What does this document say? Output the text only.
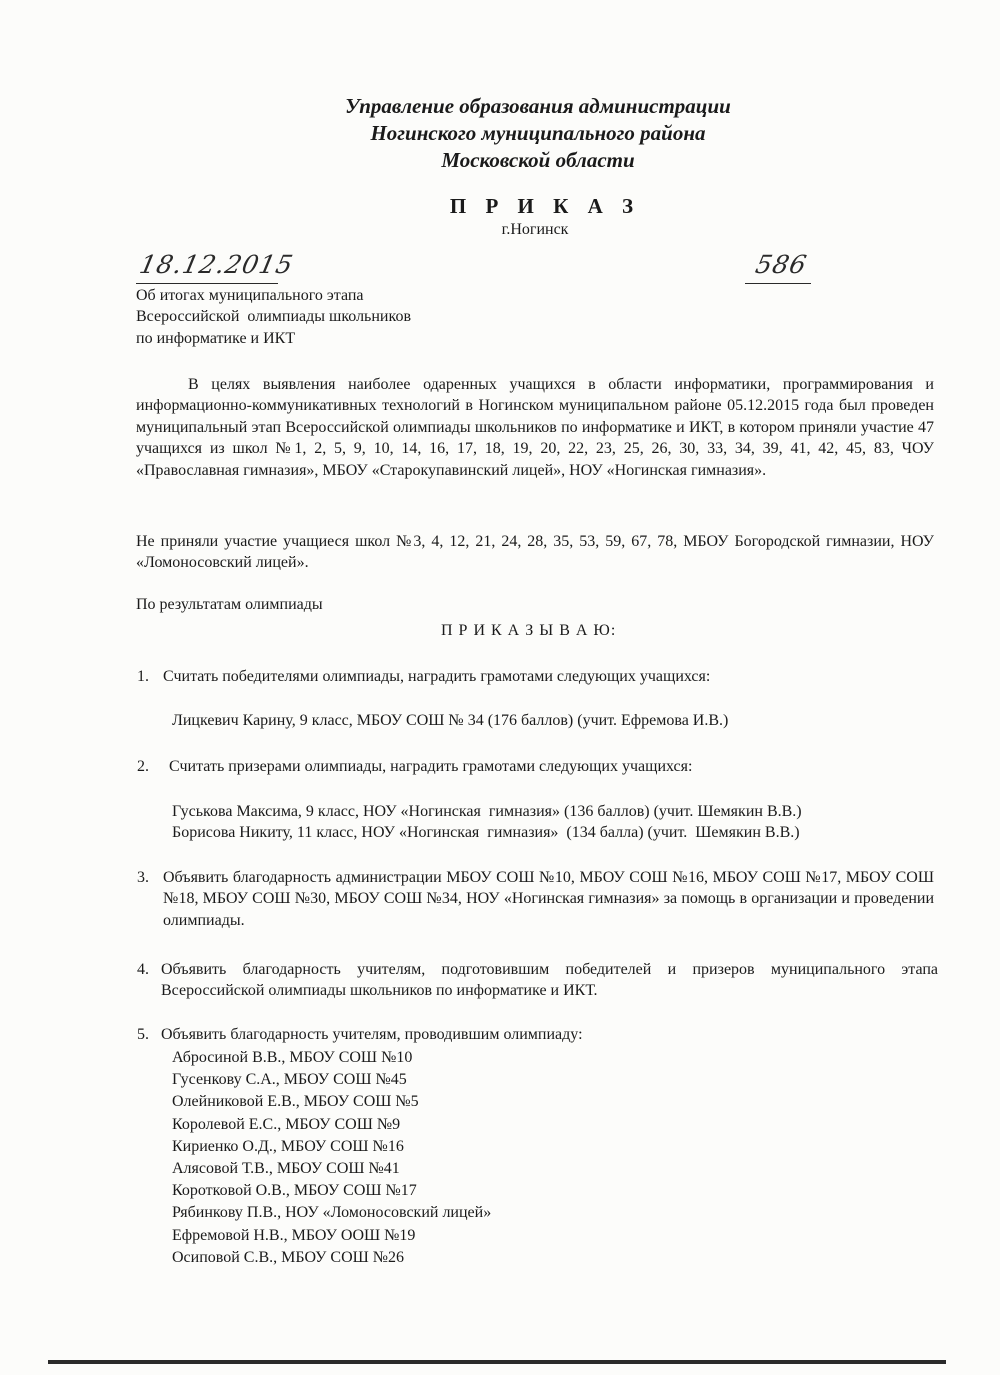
Управление образования администрации
Ногинского муниципального района
Московской области
П Р И К А З
г.Ногинск
18.12.2015	586
Об итогах муниципального этапа
Всероссийской  олимпиады школьников
по информатике и ИКТ
В целях выявления наиболее одаренных учащихся в области информатики, программирования и информационно-коммуникативных технологий в Ногинском муниципальном районе 05.12.2015 года был проведен муниципальный этап Всероссийской олимпиады школьников по информатике и ИКТ, в котором приняли участие 47 учащихся из школ №1, 2, 5, 9, 10, 14, 16, 17, 18, 19, 20, 22, 23, 25, 26, 30, 33, 34, 39, 41, 42, 45, 83, ЧОУ «Православная гимназия», МБОУ «Старокупавинский лицей», НОУ «Ногинская гимназия».
Не приняли участие учащиеся школ №3, 4, 12, 21, 24, 28, 35, 53, 59, 67, 78, МБОУ Богородской гимназии, НОУ «Ломоносовский лицей».
По результатам олимпиады
П Р И К А З Ы В А Ю:
1. Считать победителями олимпиады, наградить грамотами следующих учащихся:
Лицкевич Карину, 9 класс, МБОУ СОШ № 34 (176 баллов) (учит. Ефремова И.В.)
2. Считать призерами олимпиады, наградить грамотами следующих учащихся:
Гуськова Максима, 9 класс, НОУ «Ногинская  гимназия» (136 баллов) (учит. Шемякин В.В.)
Борисова Никиту, 11 класс, НОУ «Ногинская  гимназия»  (134 балла) (учит.  Шемякин В.В.)
3. Объявить благодарность администрации МБОУ СОШ №10, МБОУ СОШ №16, МБОУ СОШ №17, МБОУ СОШ №18, МБОУ СОШ №30, МБОУ СОШ №34, НОУ «Ногинская гимназия» за помощь в организации и проведении олимпиады.
4. Объявить благодарность учителям, подготовившим победителей и призеров муниципального этапа Всероссийской олимпиады школьников по информатике и ИКТ.
5. Объявить благодарность учителям, проводившим олимпиаду:
Абросиной В.В., МБОУ СОШ №10
Гусенкову С.А., МБОУ СОШ №45
Олейниковой Е.В., МБОУ СОШ №5
Королевой Е.С., МБОУ СОШ №9
Кириенко О.Д., МБОУ СОШ №16
Алясовой Т.В., МБОУ СОШ №41
Коротковой О.В., МБОУ СОШ №17
Рябинкову П.В., НОУ «Ломоносовский лицей»
Ефремовой Н.В., МБОУ ООШ №19
Осиповой С.В., МБОУ СОШ №26
